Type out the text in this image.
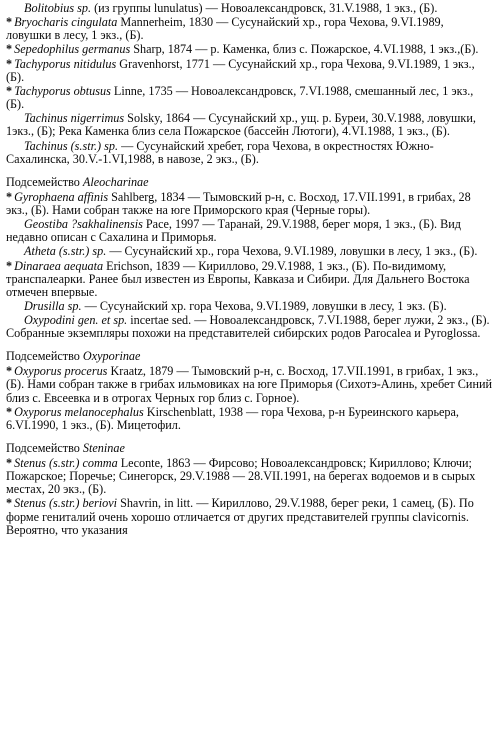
Bolitobius sp. (из группы lunulatus) — Новоалександровск, 31.V.1988, 1 экз., (Б).
* Bryocharis cingulata Mannerheim, 1830 — Сусунайский хр., гора Чехова, 9.VI.1989, ловушки в лесу, 1 экз., (Б).
* Sepedophilus germanus Sharp, 1874 — р. Каменка, близ с. Пожарское, 4.VI.1988, 1 экз.,(Б).
* Tachyporus nitidulus Gravenhorst, 1771 — Сусунайский хр., гора Чехова, 9.VI.1989, 1 экз., (Б).
* Tachyporus obtusus Linne, 1735 — Новоалександровск, 7.VI.1988, смешанный лес, 1 экз., (Б).
Tachinus nigerrimus Solsky, 1864 — Сусунайский хр., ущ. р. Буреи, 30.V.1988, ловушки, 1экз., (Б); Река Каменка близ села Пожарское (бассейн Лютоги), 4.VI.1988, 1 экз., (Б).
Tachinus (s.str.) sp. — Сусунайский хребет, гора Чехова, в окрестностях Южно-Сахалинска, 30.V.-1.VI,1988, в навозе, 2 экз., (Б).
Подсемейство Aleocharinae
* Gyrophaena affinis Sahlberg, 1834 — Тымовский р-н, с. Восход, 17.VII.1991, в грибах, 28 экз., (Б). Нами собран также на юге Приморского края (Черные горы).
Geostiba ?sakhalinensis Pace, 1997 — Таранай, 29.V.1988, берег моря, 1 экз., (Б). Вид недавно описан с Сахалина и Приморья.
Atheta (s.str.) sp. — Сусунайский хр., гора Чехова, 9.VI.1989, ловушки в лесу, 1 экз., (Б).
* Dinaraea aequata Erichson, 1839 — Кириллово, 29.V.1988, 1 экз., (Б). По-видимому, транспалеарки. Ранее был известен из Европы, Кавказа и Сибири. Для Дальнего Востока отмечен впервые.
Drusilla sp. — Сусунайский хр. гора Чехова, 9.VI.1989, ловушки в лесу, 1 экз. (Б).
Oxypodini gen. et sp. incertae sed. — Новоалександровск, 7.VI.1988, берег лужи, 2 экз., (Б). Собранные экземпляры похожи на представителей сибирских родов Parocalea и Pyroglossa.
Подсемейство Oxyporinae
* Oxyporus procerus Kraatz, 1879 — Тымовский р-н, с. Восход, 17.VII.1991, в грибах, 1 экз., (Б). Нами собран также в грибах ильмовиках на юге Приморья (Сихотэ-Алинь, хребет Синий близ с. Евсеевка и в отрогах Черных гор близ с. Горное).
* Oxyporus melanocephalus Kirschenblatt, 1938 — гора Чехова, р-н Буреинского карьера, 6.VI.1990, 1 экз., (Б). Мицетофил.
Подсемейство Steninae
* Stenus (s.str.) comma Leconte, 1863 — Фирсово; Новоалександровск; Кириллово; Ключи; Пожарское; Поречье; Синегорск, 29.V.1988 — 28.VII.1991, на берегах водоемов и в сырых местах, 20 экз., (Б).
* Stenus (s.str.) beriovi Shavrin, in litt. — Кириллово, 29.V.1988, берег реки, 1 самец, (Б). По форме гениталий очень хорошо отличается от других представителей группы clavicornis. Вероятно, что указания
